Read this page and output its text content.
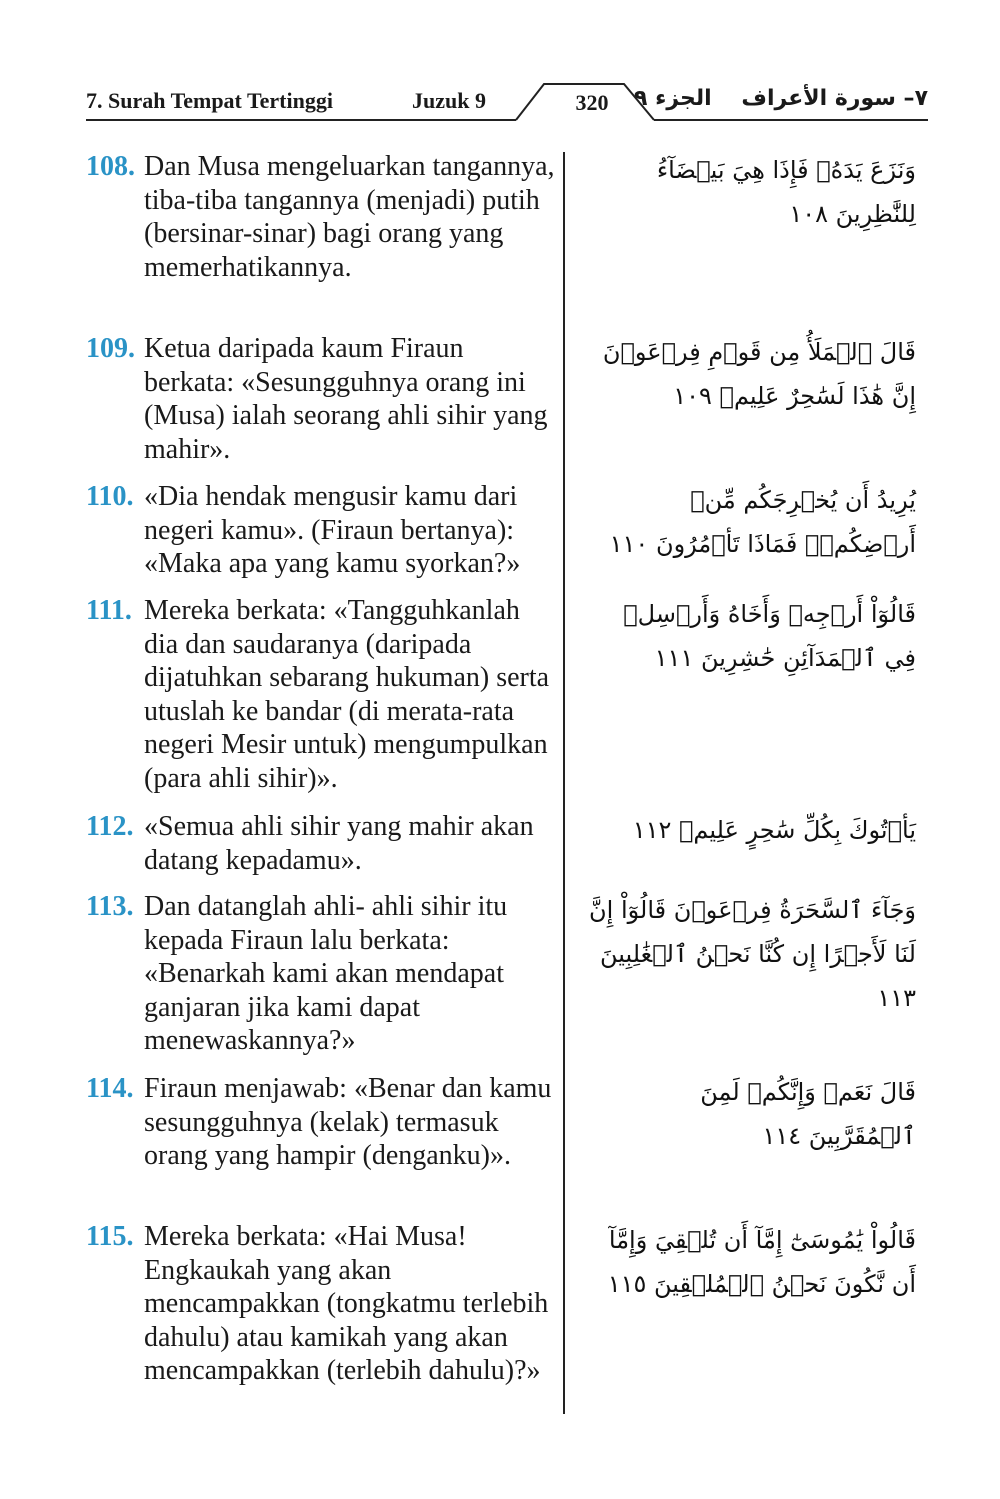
7. Surah Tempat Tertinggi	Juzuk 9	320	الجزء ٩ ٧– سورة الأعراف
108. Dan Musa mengeluarkan tangannya, tiba-tiba tangannya (menjadi) putih (bersinar-sinar) bagi orang yang memerhatikannya.
وَنَزَعَ يَدَهُۥ فَإِذَا هِيَ بَيۡضَآءُ لِلنَّٰظِرِينَ ١٠٨
109. Ketua daripada kaum Firaun berkata: «Sesungguhnya orang ini (Musa) ialah seorang ahli sihir yang mahir».
قَالَ ٱلۡمَلَأُ مِن قَوۡمِ فِرۡعَوۡنَ إِنَّ هَٰذَا لَسَٰحِرٌ عَلِيمٞ ١٠٩
110. «Dia hendak mengusir kamu dari negeri kamu». (Firaun bertanya): «Maka apa yang kamu syorkan?»
يُرِيدُ أَن يُخۡرِجَكُم مِّنۡ أَرۡضِكُمۡۖ فَمَاذَا تَأۡمُرُونَ ١١٠
111. Mereka berkata: «Tangguhkanlah dia dan saudaranya (daripada dijatuhkan sebarang hukuman) serta utuslah ke bandar (di merata-rata negeri Mesir untuk) mengumpulkan (para ahli sihir)».
قَالُوٓاْ أَرۡجِهۡ وَأَخَاهُ وَأَرۡسِلۡ فِي ٱلۡمَدَآئِنِ حَٰشِرِينَ ١١١
112. «Semua ahli sihir yang mahir akan datang kepadamu».
يَأۡتُوكَ بِكُلِّ سَٰحِرٍ عَلِيمٖ ١١٢
113. Dan datanglah ahli- ahli sihir itu kepada Firaun lalu berkata: «Benarkah kami akan mendapat ganjaran jika kami dapat menewaskannya?»
وَجَآءَ ٱلسَّحَرَةُ فِرۡعَوۡنَ قَالُوٓاْ إِنَّ لَنَا لَأَجۡرًا إِن كُنَّا نَحۡنُ ٱلۡغَٰلِبِينَ ١١٣
114. Firaun menjawab: «Benar dan kamu sesungguhnya (kelak) termasuk orang yang hampir (denganku)».
قَالَ نَعَمۡ وَإِنَّكُمۡ لَمِنَ ٱلۡمُقَرَّبِينَ ١١٤
115. Mereka berkata: «Hai Musa! Engkaukah yang akan mencampakkan (tongkatmu terlebih dahulu) atau kamikah yang akan mencampakkan (terlebih dahulu)?»
قَالُواْ يَٰمُوسَىٰٓ إِمَّآ أَن تُلۡقِيَ وَإِمَّآ أَن نَّكُونَ نَحۡنُ ٱلۡمُلۡقِينَ ١١٥
